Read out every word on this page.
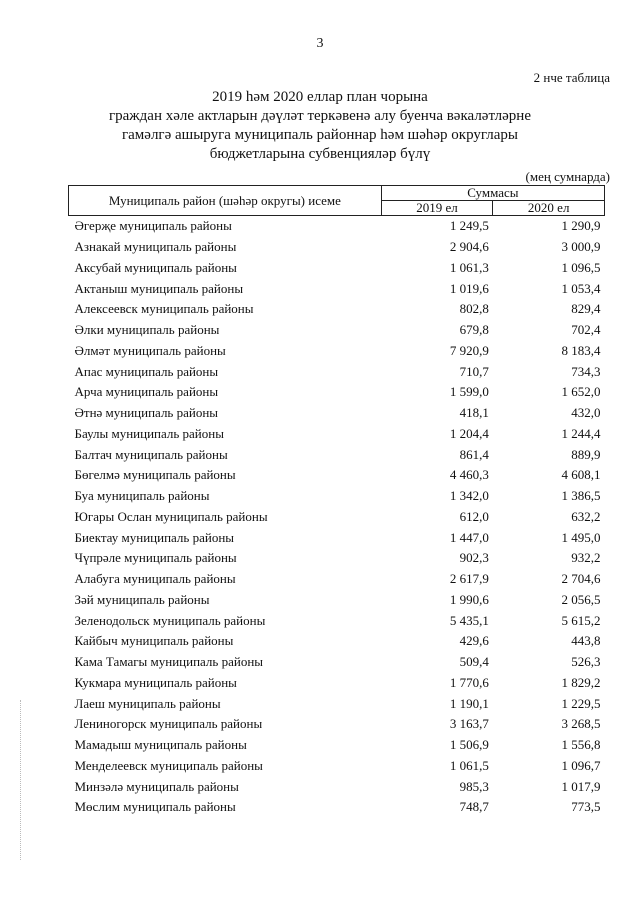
3
2 нче таблица
2019 һәм 2020 еллар план чорына
граждан хәле актларын дәүләт теркәвенә алу буенча вәкаләтләрне
гамәлгә ашыруга муниципаль районнар һәм шәһәр округлары
бюджетларына субвенцияләр бүлү
(мең сумнарда)
Муниципаль район (шәһәр округы) исеме	Суммасы	
	2019 ел	2020 ел
Әгерҗе муниципаль районы	1 249,5	1 290,9
Азнакай муниципаль районы	2 904,6	3 000,9
Аксубай муниципаль районы	1 061,3	1 096,5
Актаныш муниципаль районы	1 019,6	1 053,4
Алексеевск муниципаль районы	802,8	829,4
Әлки муниципаль районы	679,8	702,4
Әлмәт муниципаль районы	7 920,9	8 183,4
Апас муниципаль районы	710,7	734,3
Арча муниципаль районы	1 599,0	1 652,0
Әтнә муниципаль районы	418,1	432,0
Баулы муниципаль районы	1 204,4	1 244,4
Балтач муниципаль районы	861,4	889,9
Бөгелмә муниципаль районы	4 460,3	4 608,1
Буа муниципаль районы	1 342,0	1 386,5
Югары Ослан муниципаль районы	612,0	632,2
Биектау муниципаль районы	1 447,0	1 495,0
Чүпрәле муниципаль районы	902,3	932,2
Алабуга муниципаль районы	2 617,9	2 704,6
Зәй муниципаль районы	1 990,6	2 056,5
Зеленодольск муниципаль районы	5 435,1	5 615,2
Кайбыч муниципаль районы	429,6	443,8
Кама Тамагы муниципаль районы	509,4	526,3
Кукмара муниципаль районы	1 770,6	1 829,2
Лаеш муниципаль районы	1 190,1	1 229,5
Лениногорск муниципаль районы	3 163,7	3 268,5
Мамадыш муниципаль районы	1 506,9	1 556,8
Менделеевск муниципаль районы	1 061,5	1 096,7
Минзәлә муниципаль районы	985,3	1 017,9
Мөслим муниципаль районы	748,7	773,5
